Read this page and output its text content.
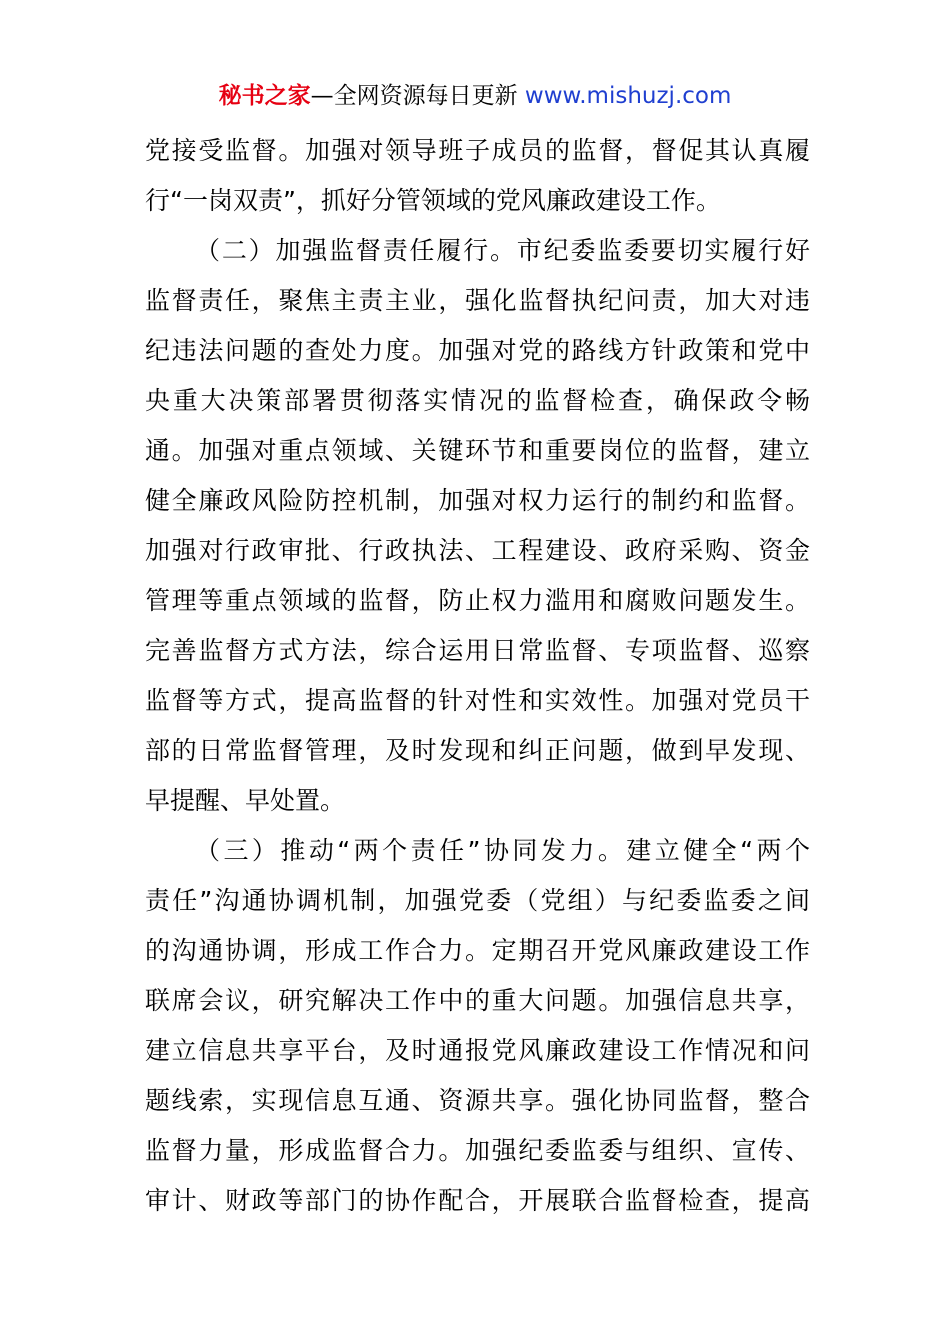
秘书之家—全网资源每日更新 www.mishuzj.com
党接受监督。加强对领导班子成员的监督，督促其认真履
行“一岗双责”，抓好分管领域的党风廉政建设工作。
（二）加强监督责任履行。市纪委监委要切实履行好
监督责任，聚焦主责主业，强化监督执纪问责，加大对违
纪违法问题的查处力度。加强对党的路线方针政策和党中
央重大决策部署贯彻落实情况的监督检查，确保政令畅
通。加强对重点领域、关键环节和重要岗位的监督，建立
健全廉政风险防控机制，加强对权力运行的制约和监督。
加强对行政审批、行政执法、工程建设、政府采购、资金
管理等重点领域的监督，防止权力滥用和腐败问题发生。
完善监督方式方法，综合运用日常监督、专项监督、巡察
监督等方式，提高监督的针对性和实效性。加强对党员干
部的日常监督管理，及时发现和纠正问题，做到早发现、
早提醒、早处置。
（三）推动“两个责任”协同发力。建立健全“两个
责任”沟通协调机制，加强党委（党组）与纪委监委之间
的沟通协调，形成工作合力。定期召开党风廉政建设工作
联席会议，研究解决工作中的重大问题。加强信息共享，
建立信息共享平台，及时通报党风廉政建设工作情况和问
题线索，实现信息互通、资源共享。强化协同监督，整合
监督力量，形成监督合力。加强纪委监委与组织、宣传、
审计、财政等部门的协作配合，开展联合监督检查，提高
